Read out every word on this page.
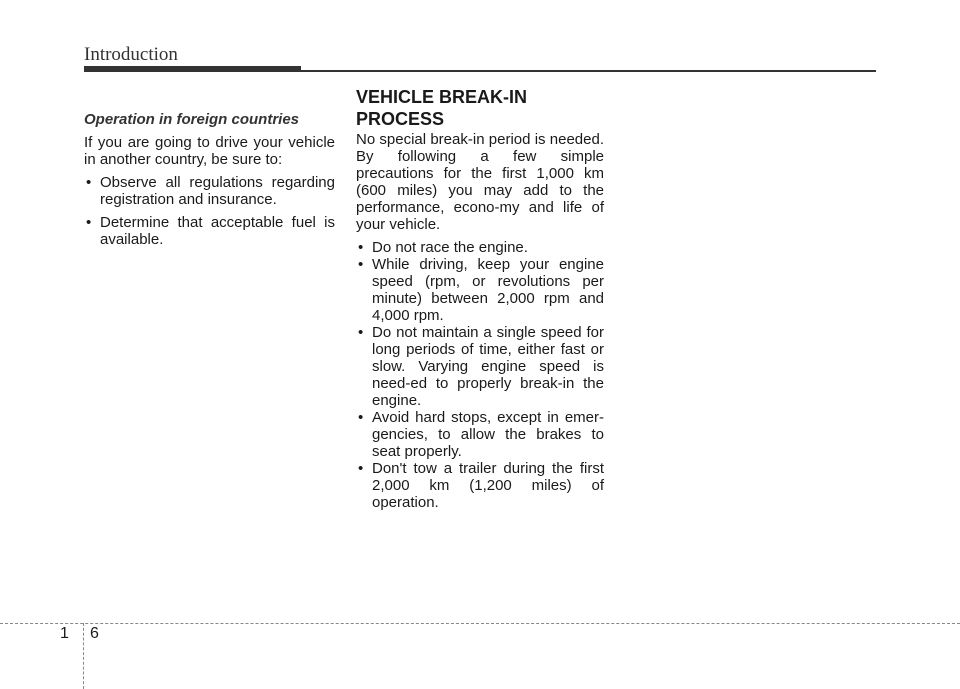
Introduction
Operation in foreign countries

If you are going to drive your vehicle in another country, be sure to:

• Observe all regulations regarding registration and insurance.
• Determine that acceptable fuel is available.
VEHICLE BREAK-IN PROCESS

No special break-in period is needed. By following a few simple precautions for the first 1,000 km (600 miles) you may add to the performance, econo-my and life of your vehicle.

• Do not race the engine.
• While driving, keep your engine speed (rpm, or revolutions per minute) between 2,000 rpm and 4,000 rpm.
• Do not maintain a single speed for long periods of time, either fast or slow. Varying engine speed is need-ed to properly break-in the engine.
• Avoid hard stops, except in emer-gencies, to allow the brakes to seat properly.
• Don't tow a trailer during the first 2,000 km (1,200 miles) of operation.
1 6
